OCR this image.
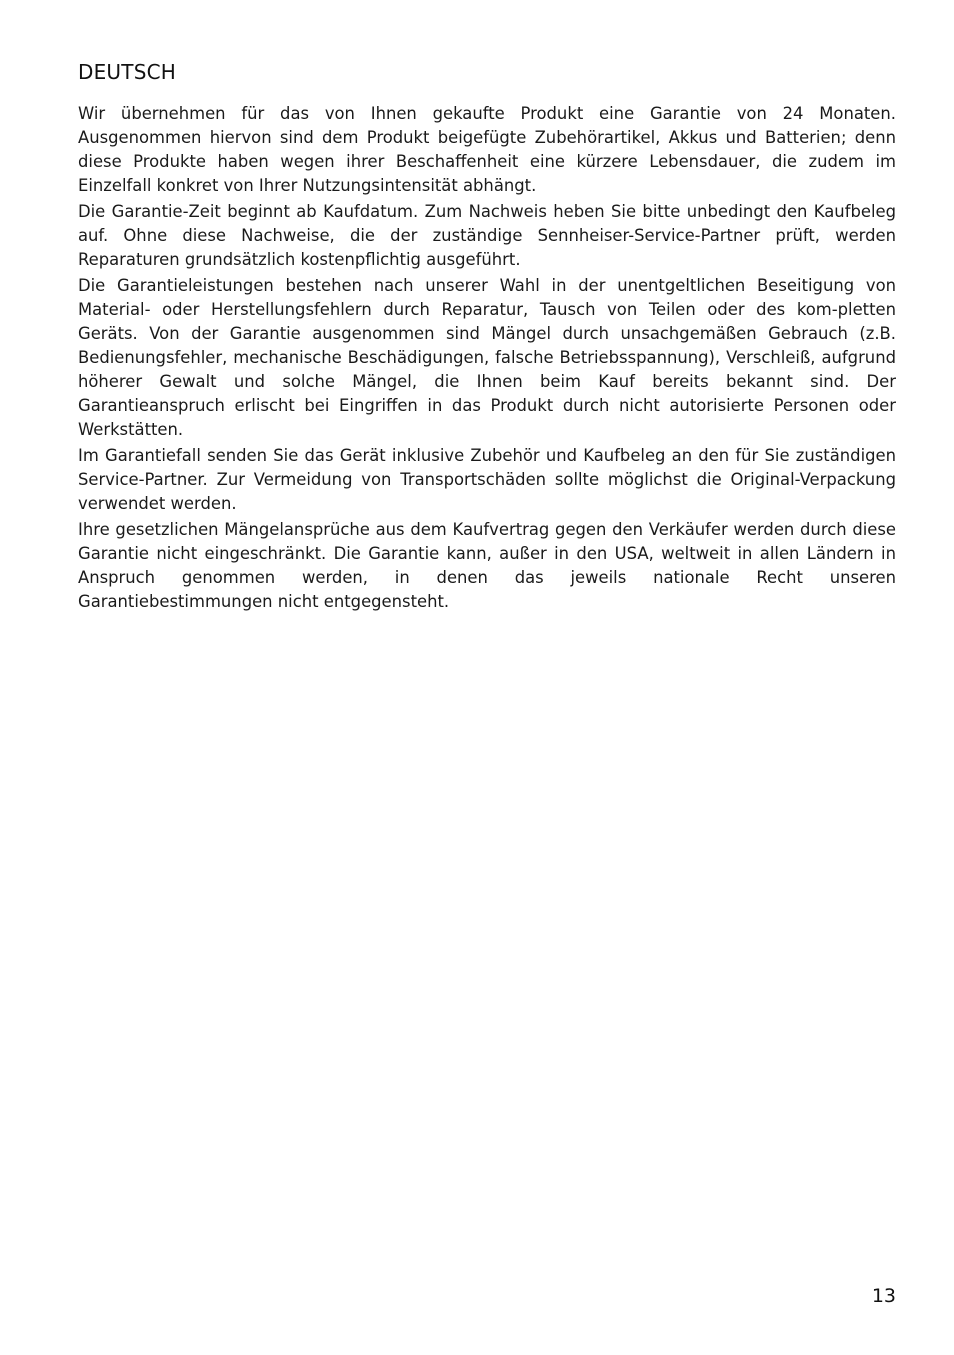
DEUTSCH

Wir übernehmen für das von Ihnen gekaufte Produkt eine Garantie von 24 Monaten. Ausgenommen hiervon sind dem Produkt beigefügte Zubehörartikel, Akkus und Batterien; denn diese Produkte haben wegen ihrer Beschaffenheit eine kürzere Lebensdauer, die zudem im Einzelfall konkret von Ihrer Nutzungsintensität abhängt.

Die Garantie-Zeit beginnt ab Kaufdatum. Zum Nachweis heben Sie bitte unbedingt den Kaufbeleg auf. Ohne diese Nachweise, die der zuständige Sennheiser-Service-Partner prüft, werden Reparaturen grundsätzlich kostenpflichtig ausgeführt.

Die Garantieleistungen bestehen nach unserer Wahl in der unentgeltlichen Beseitigung von Material- oder Herstellungsfehlern durch Reparatur, Tausch von Teilen oder des kom-pletten Geräts. Von der Garantie ausgenommen sind Mängel durch unsachgemäßen Gebrauch (z.B. Bedienungsfehler, mechanische Beschädigungen, falsche Betriebsspannung), Verschleiß, aufgrund höherer Gewalt und solche Mängel, die Ihnen beim Kauf bereits bekannt sind. Der Garantieanspruch erlischt bei Eingriffen in das Produkt durch nicht autorisierte Personen oder Werkstätten.

Im Garantiefall senden Sie das Gerät inklusive Zubehör und Kaufbeleg an den für Sie zuständigen Service-Partner. Zur Vermeidung von Transportschäden sollte möglichst die Original-Verpackung verwendet werden.

Ihre gesetzlichen Mängelansprüche aus dem Kaufvertrag gegen den Verkäufer werden durch diese Garantie nicht eingeschränkt. Die Garantie kann, außer in den USA, weltweit in allen Ländern in Anspruch genommen werden, in denen das jeweils nationale Recht unseren Garantiebestimmungen nicht entgegensteht.

13
